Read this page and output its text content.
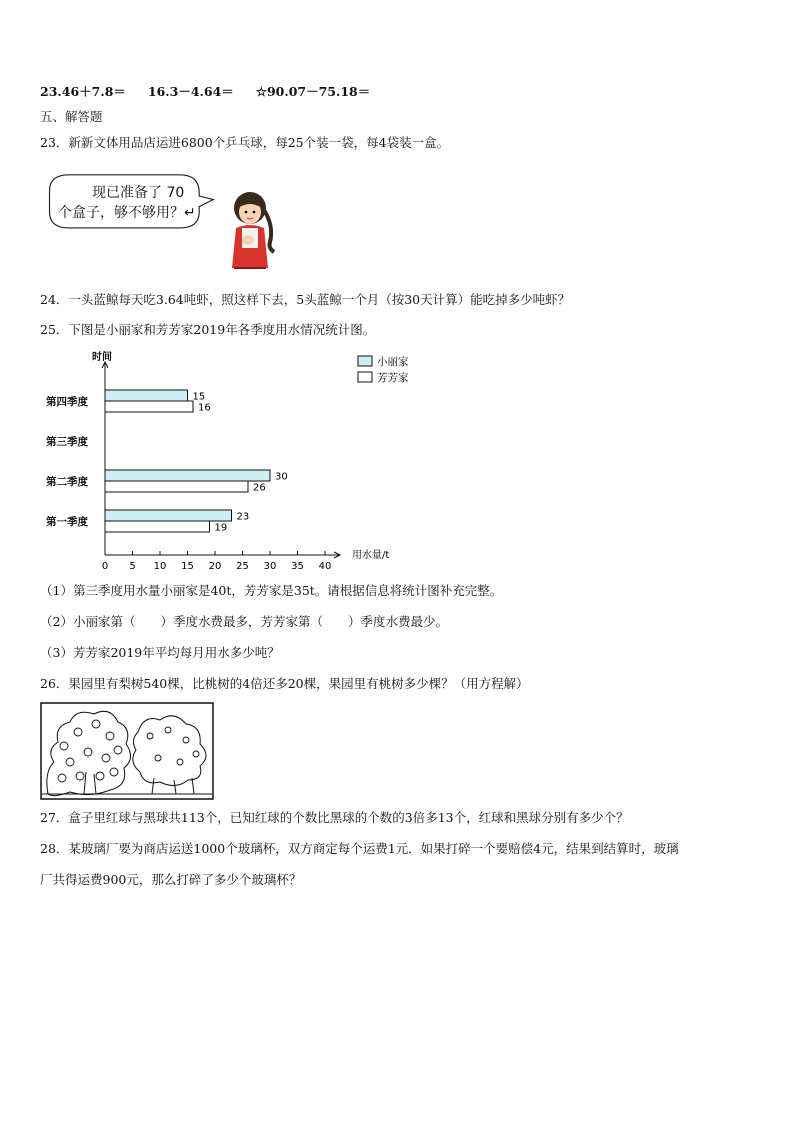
23.46＋7.8＝ 16.3－4.64＝ ☆90.07－75.18＝
五、解答题
23．新新文体用品店运进6800个乒乓球，每25个装一袋，每4袋装一盒。
现已准备了 70
个盒子，够不够用？↵
24．一头蓝鲸每天吃3.64吨虾，照这样下去，5头蓝鲸一个月（按30天计算）能吃掉多少吨虾？
25．下图是小丽家和芳芳家2019年各季度用水情况统计图。
时间
用水量/t
0 5 10 15 20 25 30 35 40
第一季度
第二季度
第三季度
第四季度
23
30
15
19
26
16
小丽家
芳芳家
（1）第三季度用水量小丽家是40t，芳芳家是35t。请根据信息将统计图补充完整。
（2）小丽家第（　　）季度水费最多，芳芳家第（　　）季度水费最少。
（3）芳芳家2019年平均每月用水多少吨？
26．果园里有梨树540棵，比桃树的4倍还多20棵，果园里有桃树多少棵？（用方程解）
27．盒子里红球与黑球共113个，已知红球的个数比黑球的个数的3倍多13个，红球和黑球分别有多少个？
28．某玻璃厂要为商店运送1000个玻璃杯，双方商定每个运费1元．如果打碎一个要赔偿4元，结果到结算时，玻璃
厂共得运费900元，那么打碎了多少个玻璃杯？
